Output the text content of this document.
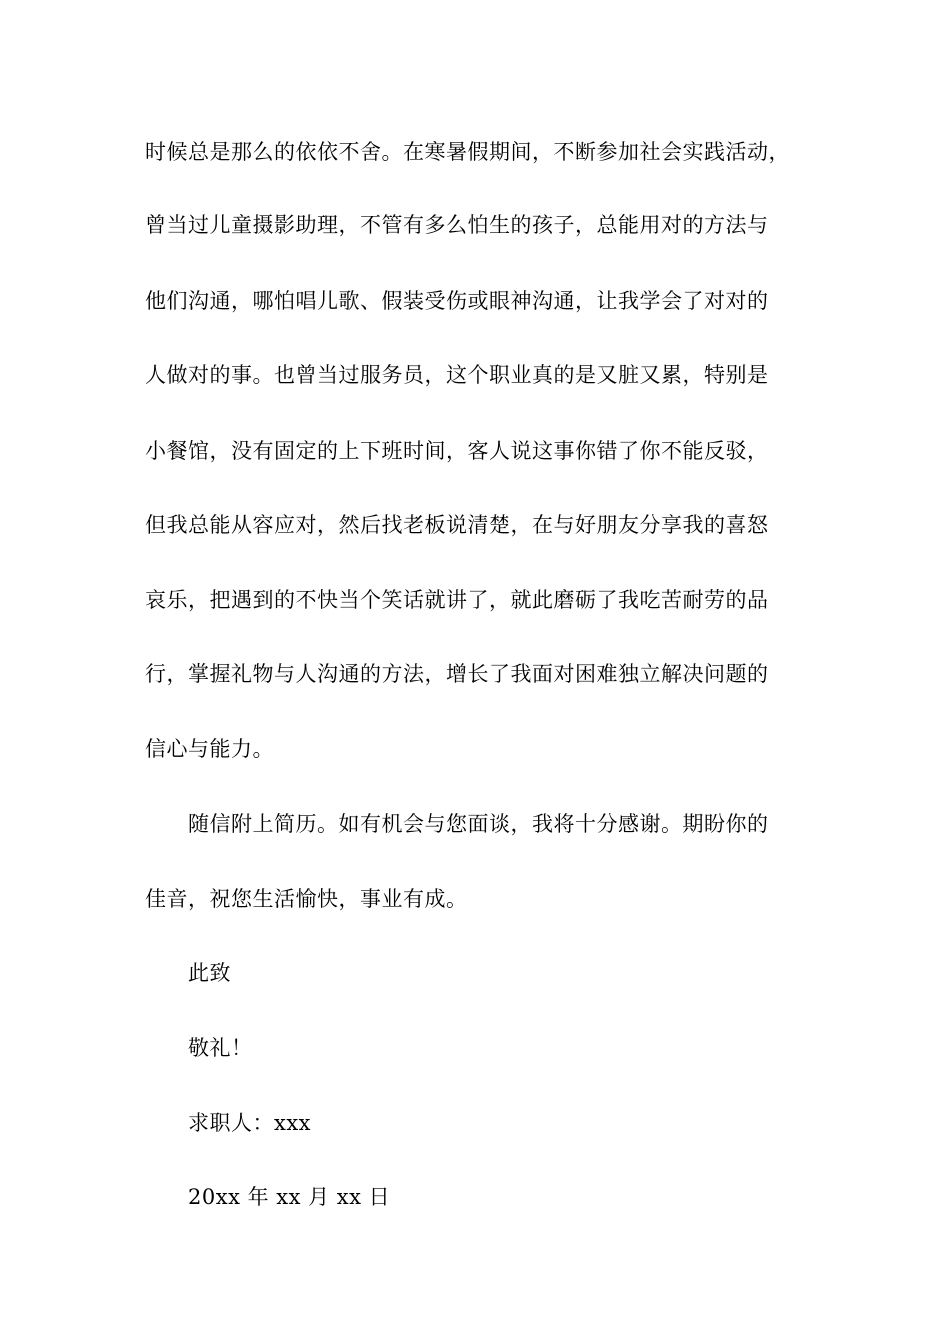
时候总是那么的依依不舍。在寒暑假期间，不断参加社会实践活动，
曾当过儿童摄影助理，不管有多么怕生的孩子，总能用对的方法与
他们沟通，哪怕唱儿歌、假装受伤或眼神沟通，让我学会了对对的
人做对的事。也曾当过服务员，这个职业真的是又脏又累，特别是
小餐馆，没有固定的上下班时间，客人说这事你错了你不能反驳，
但我总能从容应对，然后找老板说清楚，在与好朋友分享我的喜怒
哀乐，把遇到的不快当个笑话就讲了，就此磨砺了我吃苦耐劳的品
行，掌握礼物与人沟通的方法，增长了我面对困难独立解决问题的
信心与能力。
随信附上简历。如有机会与您面谈，我将十分感谢。期盼你的
佳音，祝您生活愉快，事业有成。
此致
敬礼！
求职人：xxx
20xx 年 xx 月 xx 日
